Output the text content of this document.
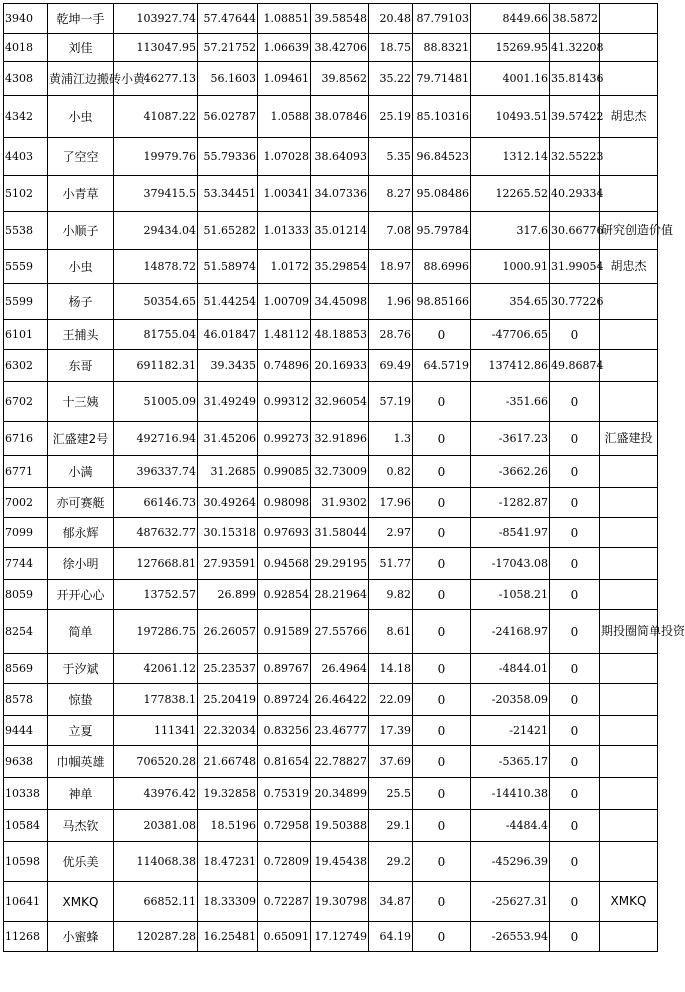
3940	乾坤一手	103927.74	57.47644	1.08851	39.58548	20.48	87.79103	8449.66	38.5872	
4018	刘佳	113047.95	57.21752	1.06639	38.42706	18.75	88.8321	15269.95	41.32208	
4308	黄浦江边搬砖小黄	46277.13	56.1603	1.09461	39.8562	35.22	79.71481	4001.16	35.81436	
4342	小虫	41087.22	56.02787	1.0588	38.07846	25.19	85.10316	10493.51	39.57422	胡忠杰
4403	了空空	19979.76	55.79336	1.07028	38.64093	5.35	96.84523	1312.14	32.55223	
5102	小青草	379415.5	53.34451	1.00341	34.07336	8.27	95.08486	12265.52	40.29334	
5538	小顺子	29434.04	51.65282	1.01333	35.01214	7.08	95.79784	317.6	30.66776	研究创造价值
5559	小虫	14878.72	51.58974	1.0172	35.29854	18.97	88.6996	1000.91	31.99054	胡忠杰
5599	杨子	50354.65	51.44254	1.00709	34.45098	1.96	98.85166	354.65	30.77226	
6101	王捕头	81755.04	46.01847	1.48112	48.18853	28.76	0	-47706.65	0	
6302	东哥	691182.31	39.3435	0.74896	20.16933	69.49	64.5719	137412.86	49.86874	
6702	十三姨	51005.09	31.49249	0.99312	32.96054	57.19	0	-351.66	0	
6716	汇盛建2号	492716.94	31.45206	0.99273	32.91896	1.3	0	-3617.23	0	汇盛建投
6771	小满	396337.74	31.2685	0.99085	32.73009	0.82	0	-3662.26	0	
7002	亦可赛艇	66146.73	30.49264	0.98098	31.9302	17.96	0	-1282.87	0	
7099	郁永辉	487632.77	30.15318	0.97693	31.58044	2.97	0	-8541.97	0	
7744	徐小明	127668.81	27.93591	0.94568	29.29195	51.77	0	-17043.08	0	
8059	开开心心	13752.57	26.899	0.92854	28.21964	9.82	0	-1058.21	0	
8254	简单	197286.75	26.26057	0.91589	27.55766	8.61	0	-24168.97	0	期投圈简单投资
8569	于汐斌	42061.12	25.23537	0.89767	26.4964	14.18	0	-4844.01	0	
8578	惊蛰	177838.1	25.20419	0.89724	26.46422	22.09	0	-20358.09	0	
9444	立夏	111341	22.32034	0.83256	23.46777	17.39	0	-21421	0	
9638	巾帼英雄	706520.28	21.66748	0.81654	22.78827	37.69	0	-5365.17	0	
10338	神单	43976.42	19.32858	0.75319	20.34899	25.5	0	-14410.38	0	
10584	马杰钦	20381.08	18.5196	0.72958	19.50388	29.1	0	-4484.4	0	
10598	优乐美	114068.38	18.47231	0.72809	19.45438	29.2	0	-45296.39	0	
10641	XMKQ	66852.11	18.33309	0.72287	19.30798	34.87	0	-25627.31	0	XMKQ
11268	小蜜蜂	120287.28	16.25481	0.65091	17.12749	64.19	0	-26553.94	0	
